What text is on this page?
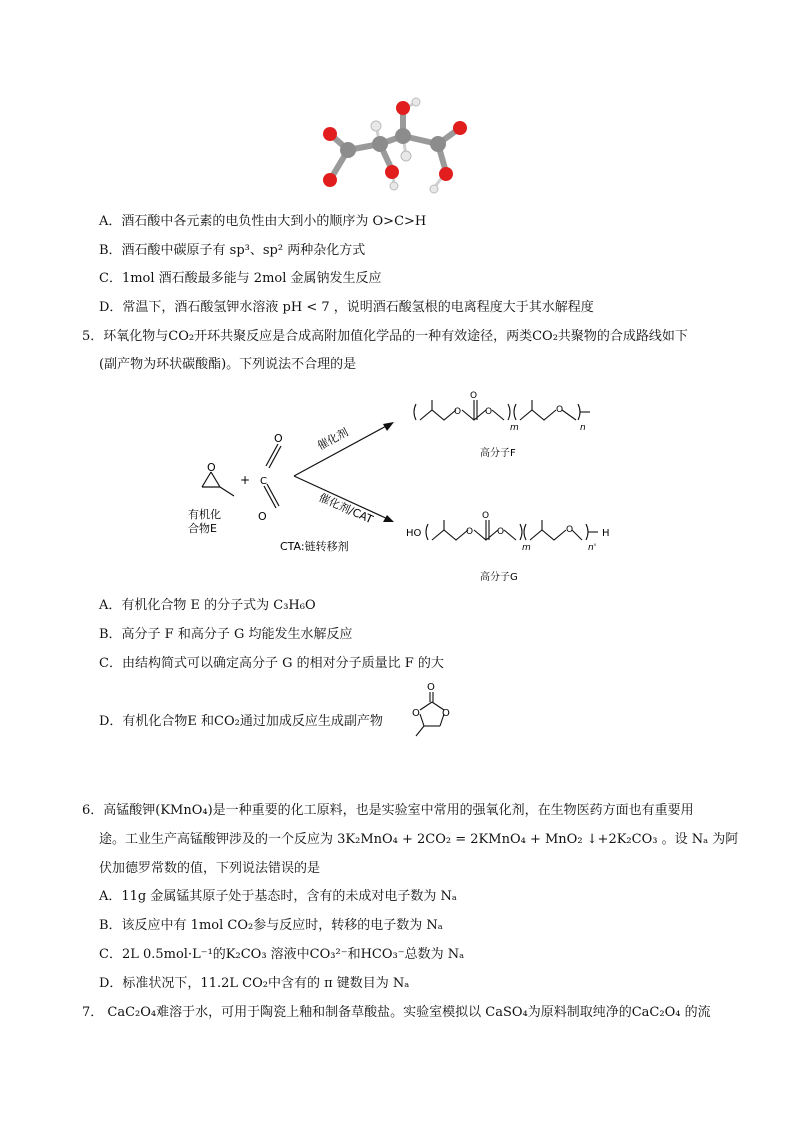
A．酒石酸中各元素的电负性由大到小的顺序为 O>C>H
B．酒石酸中碳原子有 sp³、sp² 两种杂化方式
C．1mol 酒石酸最多能与 2mol 金属钠发生反应
D．常温下，酒石酸氢钾水溶液 pH < 7 ，说明酒石酸氢根的电离程度大于其水解程度
5．环氧化物与CO₂开环共聚反应是合成高附加值化学品的一种有效途径，两类CO₂共聚物的合成路线如下
(副产物为环状碳酸酯)。下列说法不合理的是
O
+
O
C
O
催化剂
催化剂/CAT
有机化
合物E
CTA:链转移剂
O
O
O	O
m	n
高分子F
HO	O
O
O	O
m	n'
H
高分子G
A．有机化合物 E 的分子式为 C₃H₆O
B．高分子 F 和高分子 G 均能发生水解反应
C．由结构简式可以确定高分子 G 的相对分子质量比 F 的大
D．有机化合物E 和CO₂通过加成反应生成副产物
O
O O
6．高锰酸钾(KMnO₄)是一种重要的化工原料，也是实验室中常用的强氧化剂，在生物医药方面也有重要用
途。工业生产高锰酸钾涉及的一个反应为 3K₂MnO₄ + 2CO₂ = 2KMnO₄ + MnO₂ ↓+2K₂CO₃ 。设 Nₐ 为阿
伏加德罗常数的值，下列说法错误的是
A．11g 金属锰其原子处于基态时，含有的未成对电子数为 Nₐ
B．该反应中有 1mol CO₂参与反应时，转移的电子数为 Nₐ
C．2L 0.5mol·L⁻¹的K₂CO₃ 溶液中CO₃²⁻和HCO₃⁻总数为 Nₐ
D．标准状况下，11.2L CO₂中含有的 π 键数目为 Nₐ
7． CaC₂O₄难溶于水，可用于陶瓷上釉和制备草酸盐。实验室模拟以 CaSO₄为原料制取纯净的CaC₂O₄ 的流
